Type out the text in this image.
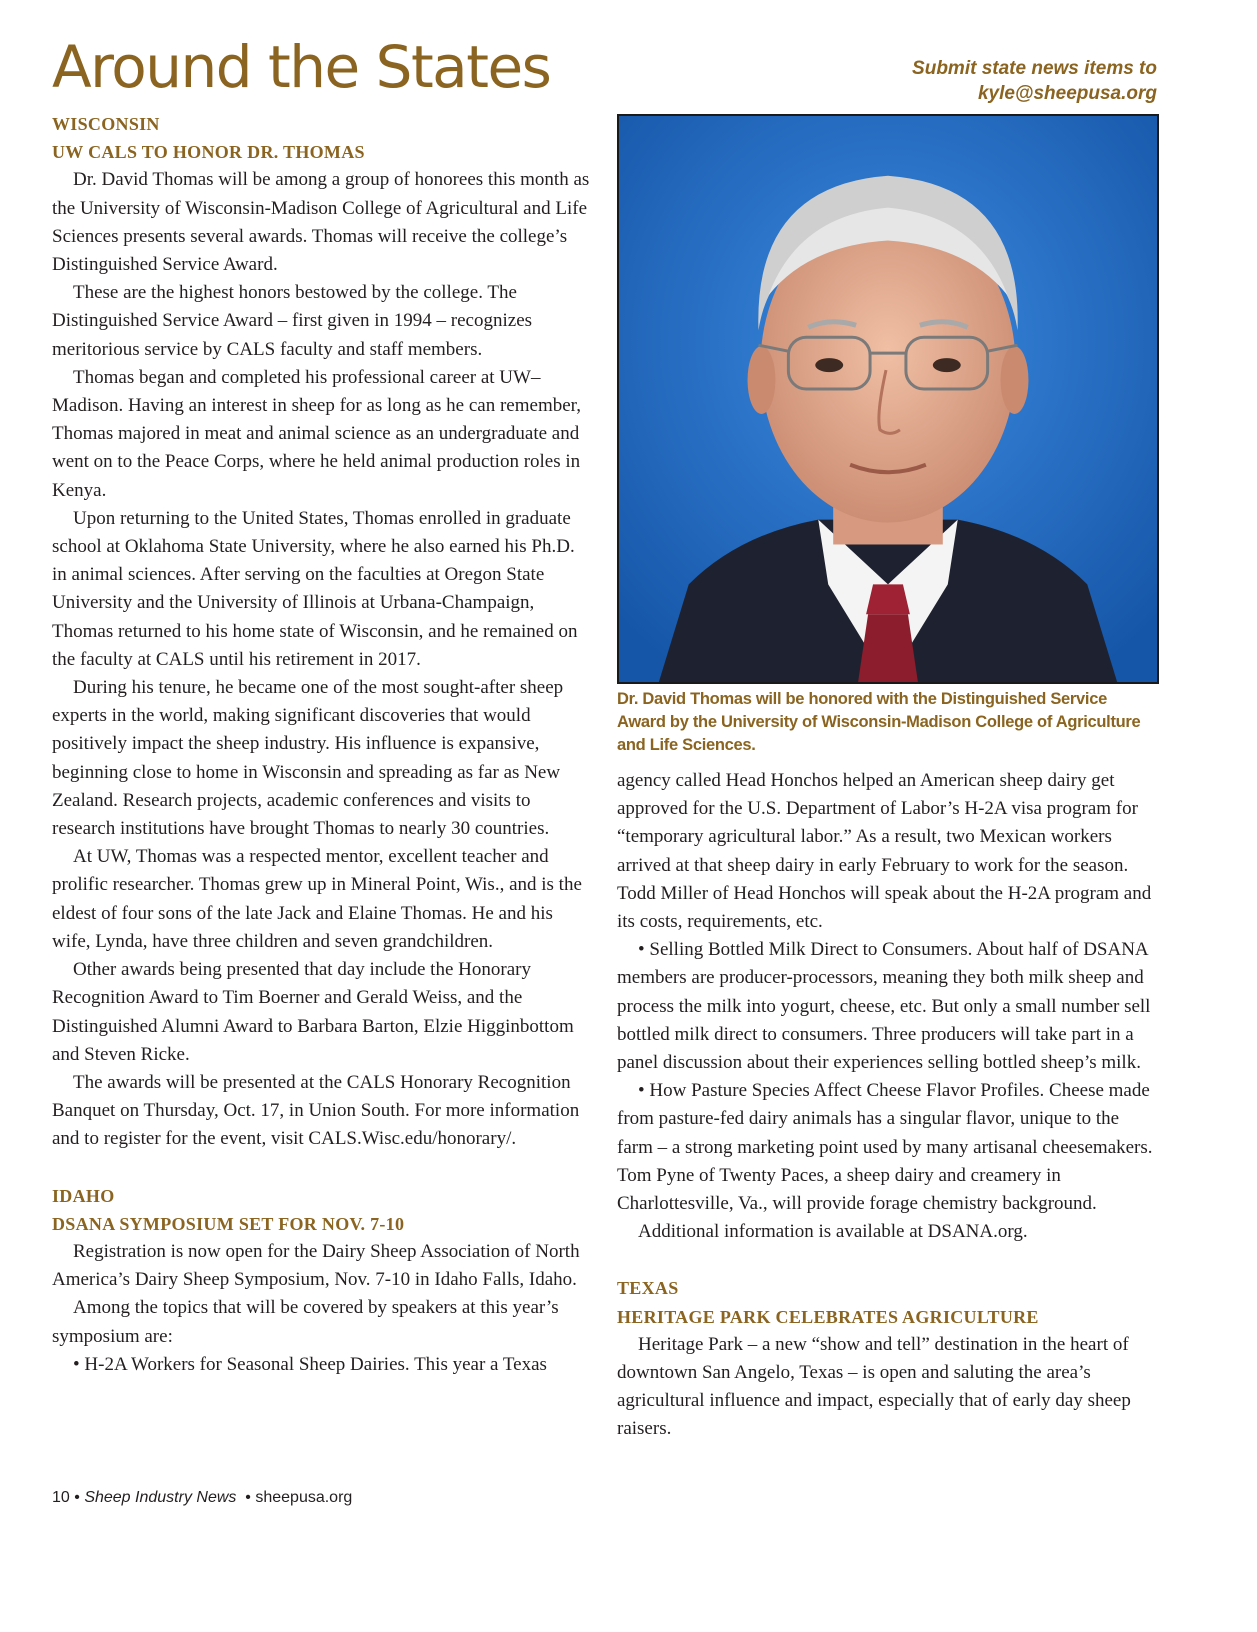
Around the States	Submit state news items to
kyle@sheepusa.org
WISCONSIN
UW CALS TO HONOR DR. THOMAS

Dr. David Thomas will be among a group of honorees this month as the University of Wisconsin-Madison College of Agricultural and Life Sciences presents several awards. Thomas will receive the college’s Distinguished Service Award.

These are the highest honors bestowed by the college. The Distinguished Service Award – first given in 1994 – recognizes meritorious service by CALS faculty and staff members.

Thomas began and completed his professional career at UW–Madison. Having an interest in sheep for as long as he can remember, Thomas majored in meat and animal science as an undergraduate and went on to the Peace Corps, where he held animal production roles in Kenya.

Upon returning to the United States, Thomas enrolled in graduate school at Oklahoma State University, where he also earned his Ph.D. in animal sciences. After serving on the faculties at Oregon State University and the University of Illinois at Urbana-Champaign, Thomas returned to his home state of Wisconsin, and he remained on the faculty at CALS until his retirement in 2017.

During his tenure, he became one of the most sought-after sheep experts in the world, making significant discoveries that would positively impact the sheep industry. His influence is expansive, beginning close to home in Wisconsin and spreading as far as New Zealand. Research projects, academic conferences and visits to research institutions have brought Thomas to nearly 30 countries.

At UW, Thomas was a respected mentor, excellent teacher and prolific researcher. Thomas grew up in Mineral Point, Wis., and is the eldest of four sons of the late Jack and Elaine Thomas. He and his wife, Lynda, have three children and seven grandchildren.

Other awards being presented that day include the Honorary Recognition Award to Tim Boerner and Gerald Weiss, and the Distinguished Alumni Award to Barbara Barton, Elzie Higginbottom and Steven Ricke.

The awards will be presented at the CALS Honorary Recognition Banquet on Thursday, Oct. 17, in Union South. For more information and to register for the event, visit CALS.Wisc.edu/honorary/.

IDAHO
DSANA SYMPOSIUM SET FOR NOV. 7-10

Registration is now open for the Dairy Sheep Association of North America’s Dairy Sheep Symposium, Nov. 7-10 in Idaho Falls, Idaho.

Among the topics that will be covered by speakers at this year’s symposium are:

• H-2A Workers for Seasonal Sheep Dairies. This year a Texas

Dr. David Thomas will be honored with the Distinguished Service Award by the University of Wisconsin-Madison College of Agriculture and Life Sciences.

agency called Head Honchos helped an American sheep dairy get approved for the U.S. Department of Labor’s H-2A visa program for “temporary agricultural labor.” As a result, two Mexican workers arrived at that sheep dairy in early February to work for the season. Todd Miller of Head Honchos will speak about the H-2A program and its costs, requirements, etc.

• Selling Bottled Milk Direct to Consumers. About half of DSANA members are producer-processors, meaning they both milk sheep and process the milk into yogurt, cheese, etc. But only a small number sell bottled milk direct to consumers. Three producers will take part in a panel discussion about their experiences selling bottled sheep’s milk.

• How Pasture Species Affect Cheese Flavor Profiles. Cheese made from pasture-fed dairy animals has a singular flavor, unique to the farm – a strong marketing point used by many artisanal cheesemakers. Tom Pyne of Twenty Paces, a sheep dairy and creamery in Charlottesville, Va., will provide forage chemistry background.

Additional information is available at DSANA.org.

TEXAS
HERITAGE PARK CELEBRATES AGRICULTURE

Heritage Park – a new “show and tell” destination in the heart of downtown San Angelo, Texas – is open and saluting the area’s agricultural influence and impact, especially that of early day sheep raisers.

10 • Sheep Industry News • sheepusa.org
